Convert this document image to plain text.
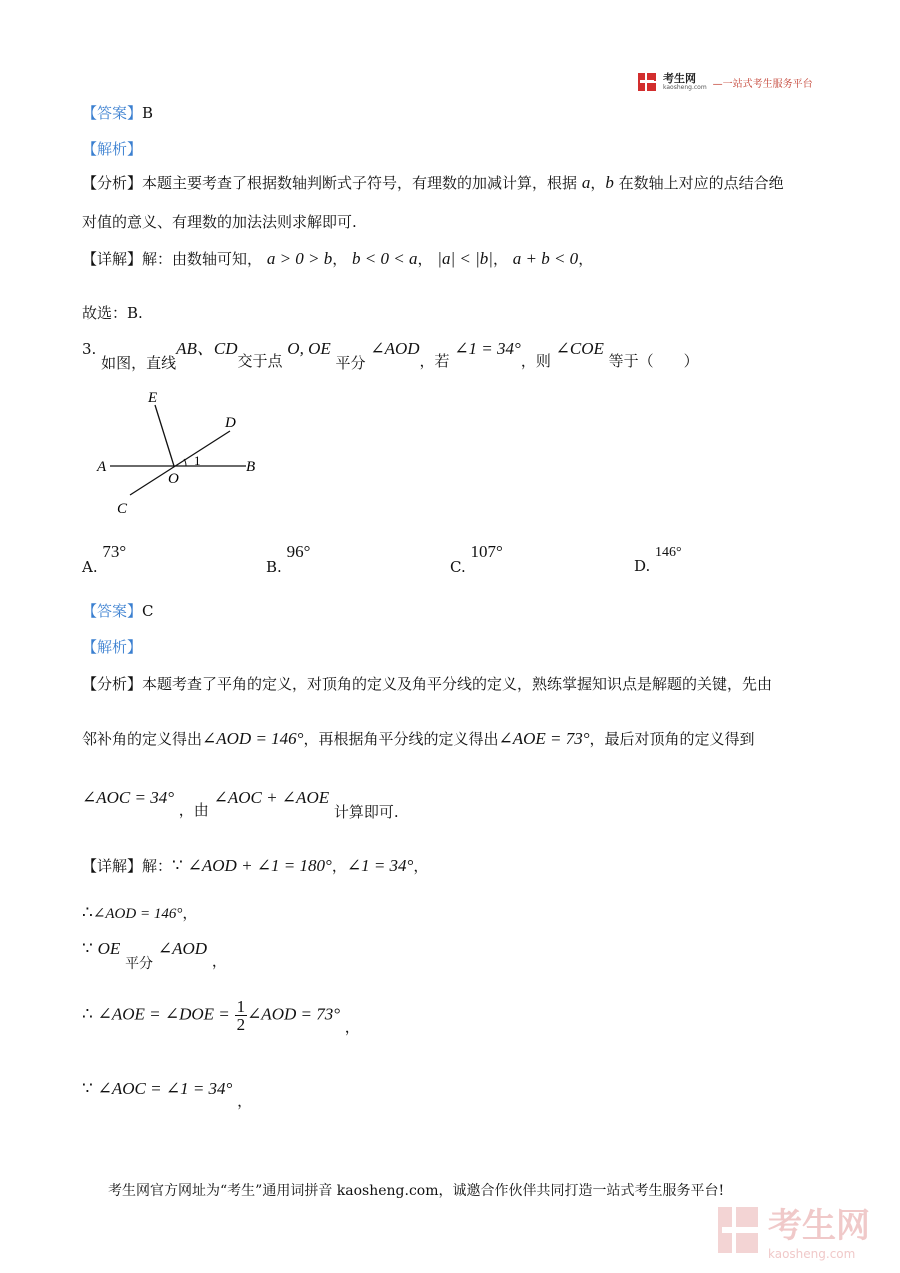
考生网
kaosheng.com —一站式考生服务平台
【答案】B
【解析】
【分析】本题主要考查了根据数轴判断式子符号，有理数的加减计算，根据 a，b 在数轴上对应的点结合绝
对值的意义、有理数的加法法则求解即可.
【详解】解：由数轴可知， a > 0 > b， b < 0 < a， |a| < |b|， a + b < 0，
故选：B.
3. 如图，直线AB、CD交于点 O, OE 平分 ∠AOD，若 ∠1 = 34°，则 ∠COE 等于（　　）
E
D
A	B
O
C
1
A. 73°
B. 96°
C. 107°
D. 146°
【答案】C
【解析】
【分析】本题考查了平角的定义，对顶角的定义及角平分线的定义，熟练掌握知识点是解题的关键，先由
邻补角的定义得出∠AOD = 146°，再根据角平分线的定义得出∠AOE = 73°，最后对顶角的定义得到
∠AOC = 34° ，由 ∠AOC + ∠AOE 计算即可.
【详解】解：∵ ∠AOD + ∠1 = 180°，∠1 = 34°，
∴∠AOD = 146°，
∵ OE 平分 ∠AOD ，
∴ ∠AOE = ∠DOE = $\frac{1}{2}$ ∠AOD = 73° ，
∵ ∠AOC = ∠1 = 34° ，
考生网官方网址为“考生”通用词拼音 kaosheng.com，诚邀合作伙伴共同打造一站式考生服务平台!
考生网
kaosheng.com
